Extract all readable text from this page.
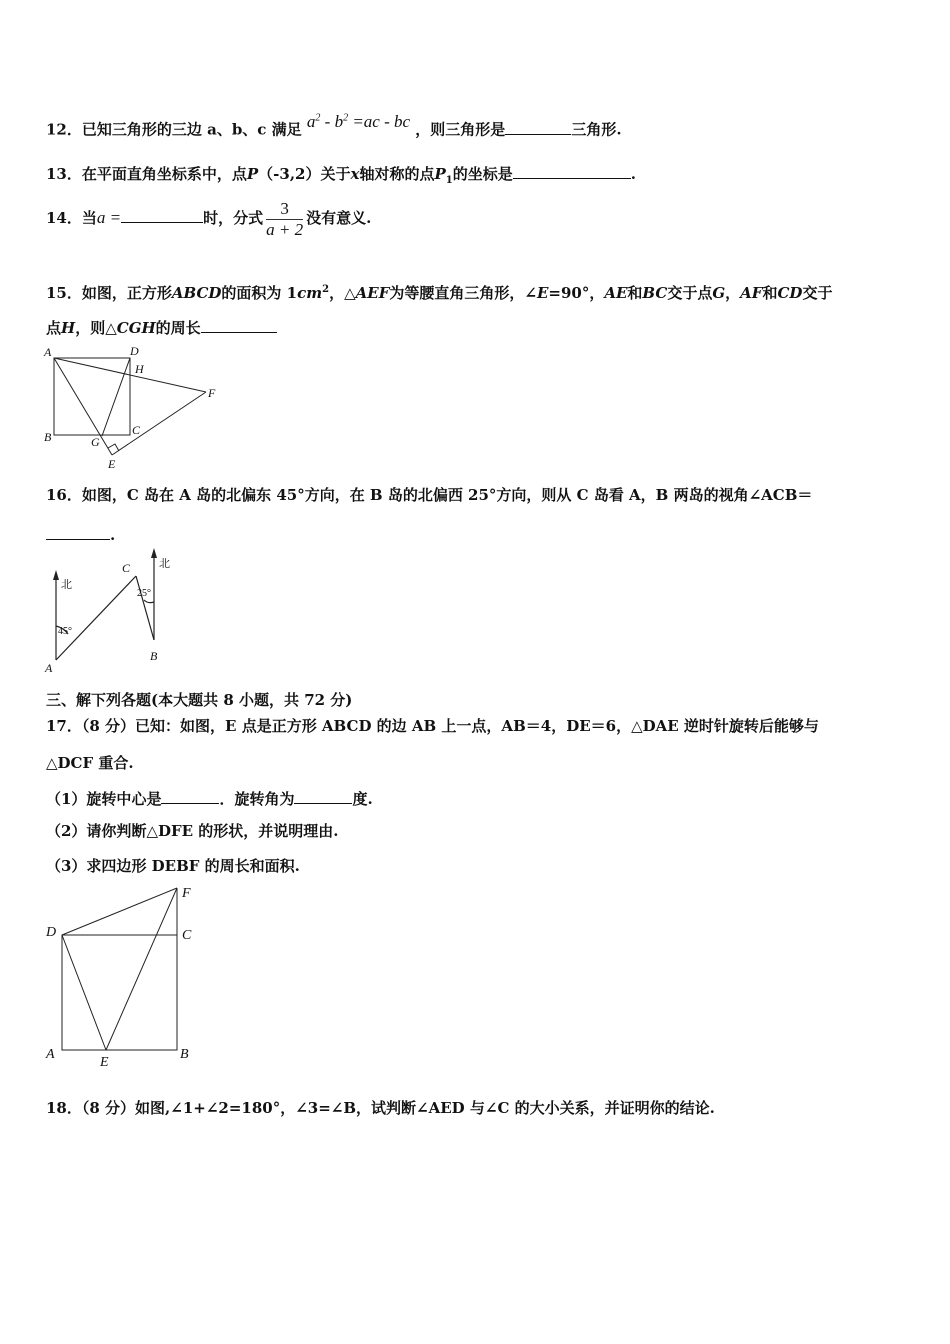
12．已知三角形的三边 a、b、c 满足 $a^2 - b^2 =ac$ - bc ，则三角形是	三角形.
13．在平面直角坐标系中，点P（-3,2）关于x轴对称的点$P_1$的坐标是	.
14．当a =	时，分式 $\frac{3}{a + 2}$ 没有意义.
15．如图，正方形ABCD的面积为 $1cm^2$，△AEF为等腰直角三角形，∠E=90°，AE和BC交于点G，AF和CD交于
点H，则△CGH的周长
A	D
H
F
B	G
C
E
16．如图，C 岛在 A 岛的北偏东 45°方向，在 B 岛的北偏西 25°方向，则从 C 岛看 A，B 两岛的视角∠ACB＝
.
北
北
45°
25°
A
B
C
三、解下列各题(本大题共 8 小题，共 72 分)
17．（8 分）已知：如图，E 点是正方形 ABCD 的边 AB 上一点，AB＝4，DE＝6，△DAE 逆时针旋转后能够与
△DCF 重合.
（1）旋转中心是	．旋转角为	度.
（2）请你判断△DFE 的形状，并说明理由.
（3）求四边形 DEBF 的周长和面积.
D	C
F
A
E
B
18．（8 分）如图,∠1+∠2=180°，∠3=∠B，试判断∠AED 与∠C 的大小关系，并证明你的结论.
